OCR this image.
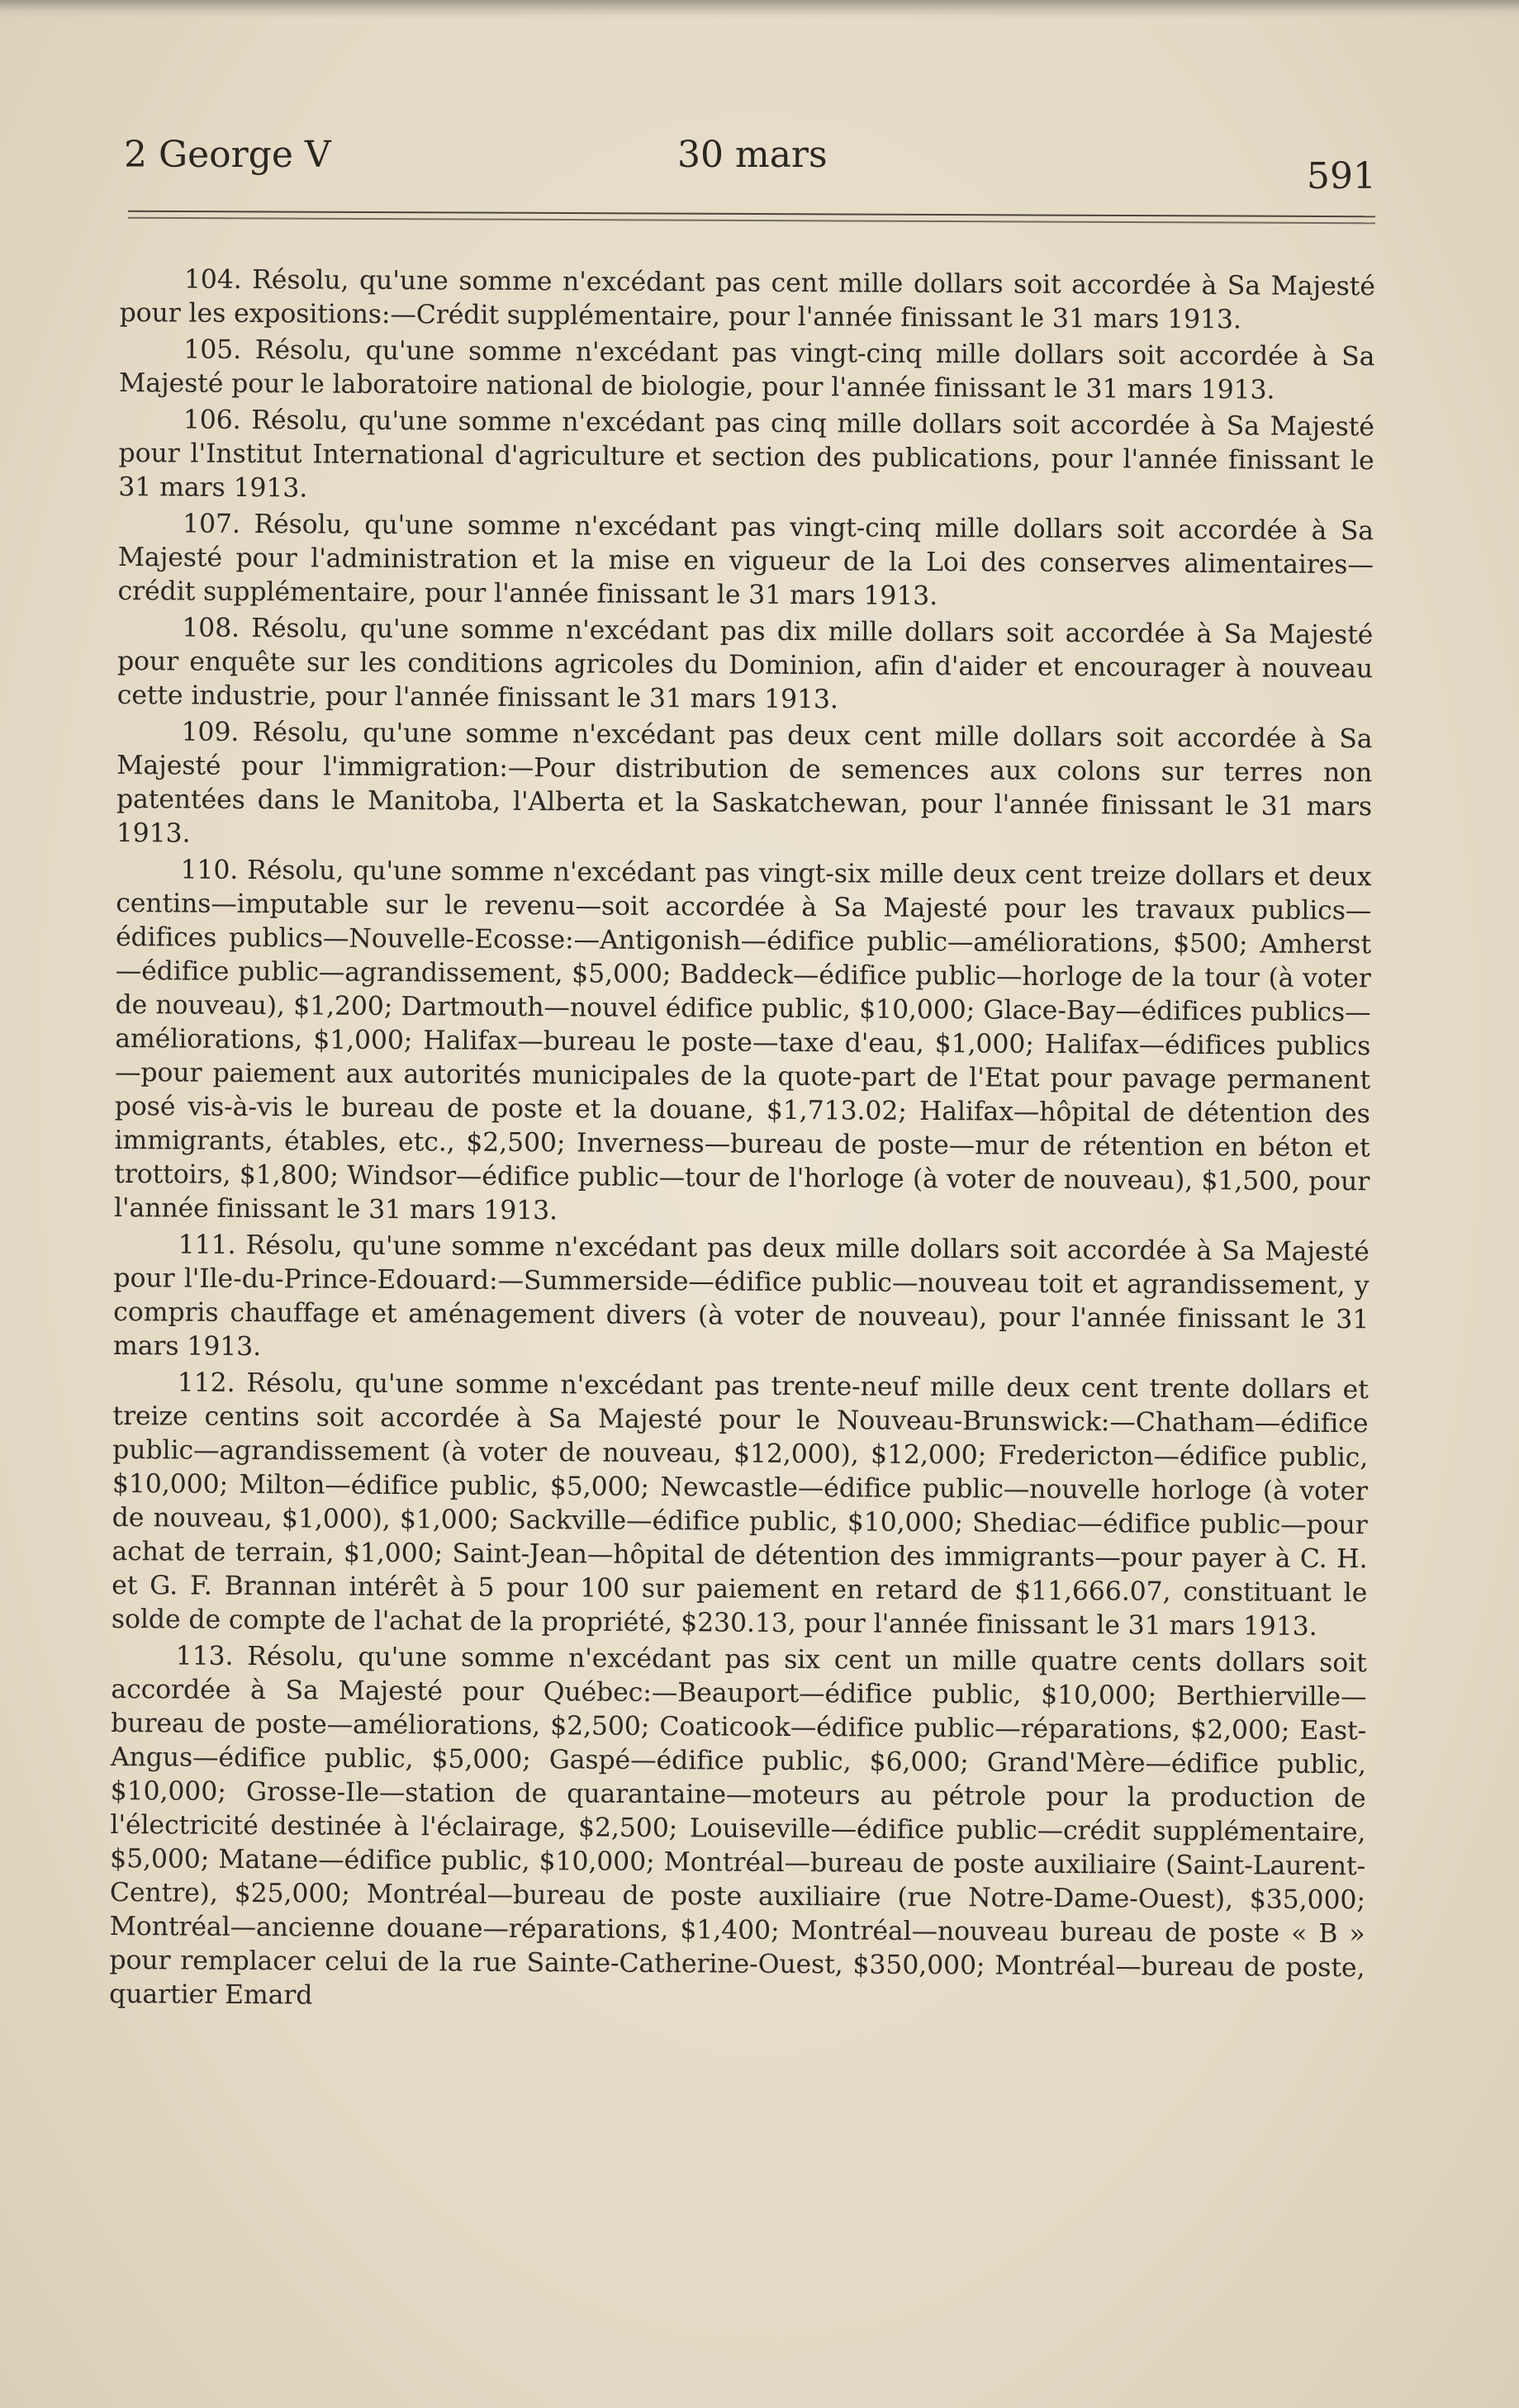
2 George V	30 mars
591

104. Résolu, qu'une somme n'excédant pas cent mille dollars soit accordée à Sa Majesté pour les expositions:—Crédit supplémentaire, pour l'année finissant le 31 mars 1913.

105. Résolu, qu'une somme n'excédant pas vingt-cinq mille dollars soit accordée à Sa Majesté pour le laboratoire national de biologie, pour l'année finissant le 31 mars 1913.

106. Résolu, qu'une somme n'excédant pas cinq mille dollars soit accordée à Sa Majesté pour l'Institut International d'agriculture et section des publications, pour l'année finissant le 31 mars 1913.

107. Résolu, qu'une somme n'excédant pas vingt-cinq mille dollars soit accordée à Sa Majesté pour l'administration et la mise en vigueur de la Loi des conserves alimentaires—crédit supplémentaire, pour l'année finissant le 31 mars 1913.

108. Résolu, qu'une somme n'excédant pas dix mille dollars soit accordée à Sa Majesté pour enquête sur les conditions agricoles du Dominion, afin d'aider et encourager à nouveau cette industrie, pour l'année finissant le 31 mars 1913.

109. Résolu, qu'une somme n'excédant pas deux cent mille dollars soit accordée à Sa Majesté pour l'immigration:—Pour distribution de semences aux colons sur terres non patentées dans le Manitoba, l'Alberta et la Saskatchewan, pour l'année finissant le 31 mars 1913.

110. Résolu, qu'une somme n'excédant pas vingt-six mille deux cent treize dollars et deux centins—imputable sur le revenu—soit accordée à Sa Majesté pour les travaux publics—édifices publics—Nouvelle-Ecosse:—Antigonish—édifice public—améliorations, $500; Amherst—édifice public—agrandissement, $5,000; Baddeck—édifice public—horloge de la tour (à voter de nouveau), $1,200; Dartmouth—nouvel édifice public, $10,000; Glace-Bay—édifices publics—améliorations, $1,000; Halifax—bureau le poste—taxe d'eau, $1,000; Halifax—édifices publics—pour paiement aux autorités municipales de la quote-part de l'Etat pour pavage permanent posé vis-à-vis le bureau de poste et la douane, $1,713.02; Halifax—hôpital de détention des immigrants, étables, etc., $2,500; Inverness—bureau de poste—mur de rétention en béton et trottoirs, $1,800; Windsor—édifice public—tour de l'horloge (à voter de nouveau), $1,500, pour l'année finissant le 31 mars 1913.

111. Résolu, qu'une somme n'excédant pas deux mille dollars soit accordée à Sa Majesté pour l'Ile-du-Prince-Edouard:—Summerside—édifice public—nouveau toit et agrandissement, y compris chauffage et aménagement divers (à voter de nouveau), pour l'année finissant le 31 mars 1913.

112. Résolu, qu'une somme n'excédant pas trente-neuf mille deux cent trente dollars et treize centins soit accordée à Sa Majesté pour le Nouveau-Brunswick:—Chatham—édifice public—agrandissement (à voter de nouveau, $12,000), $12,000; Fredericton—édifice public, $10,000; Milton—édifice public, $5,000; Newcastle—édifice public—nouvelle horloge (à voter de nouveau, $1,000), $1,000; Sackville—édifice public, $10,000; Shediac—édifice public—pour achat de terrain, $1,000; Saint-Jean—hôpital de détention des immigrants—pour payer à C. H. et G. F. Brannan intérêt à 5 pour 100 sur paiement en retard de $11,666.07, constituant le solde de compte de l'achat de la propriété, $230.13, pour l'année finissant le 31 mars 1913.

113. Résolu, qu'une somme n'excédant pas six cent un mille quatre cents dollars soit accordée à Sa Majesté pour Québec:—Beauport—édifice public, $10,000; Berthierville—bureau de poste—améliorations, $2,500; Coaticook—édifice public—réparations, $2,000; East-Angus—édifice public, $5,000; Gaspé—édifice public, $6,000; Grand'Mère—édifice public, $10,000; Grosse-Ile—station de quarantaine—moteurs au pétrole pour la production de l'électricité destinée à l'éclairage, $2,500; Louiseville—édifice public—crédit supplémentaire, $5,000; Matane—édifice public, $10,000; Montréal—bureau de poste auxiliaire (Saint-Laurent-Centre), $25,000; Montréal—bureau de poste auxiliaire (rue Notre-Dame-Ouest), $35,000; Montréal—ancienne douane—réparations, $1,400; Montréal—nouveau bureau de poste « B » pour remplacer celui de la rue Sainte-Catherine-Ouest, $350,000; Montréal—bureau de poste, quartier Emard
